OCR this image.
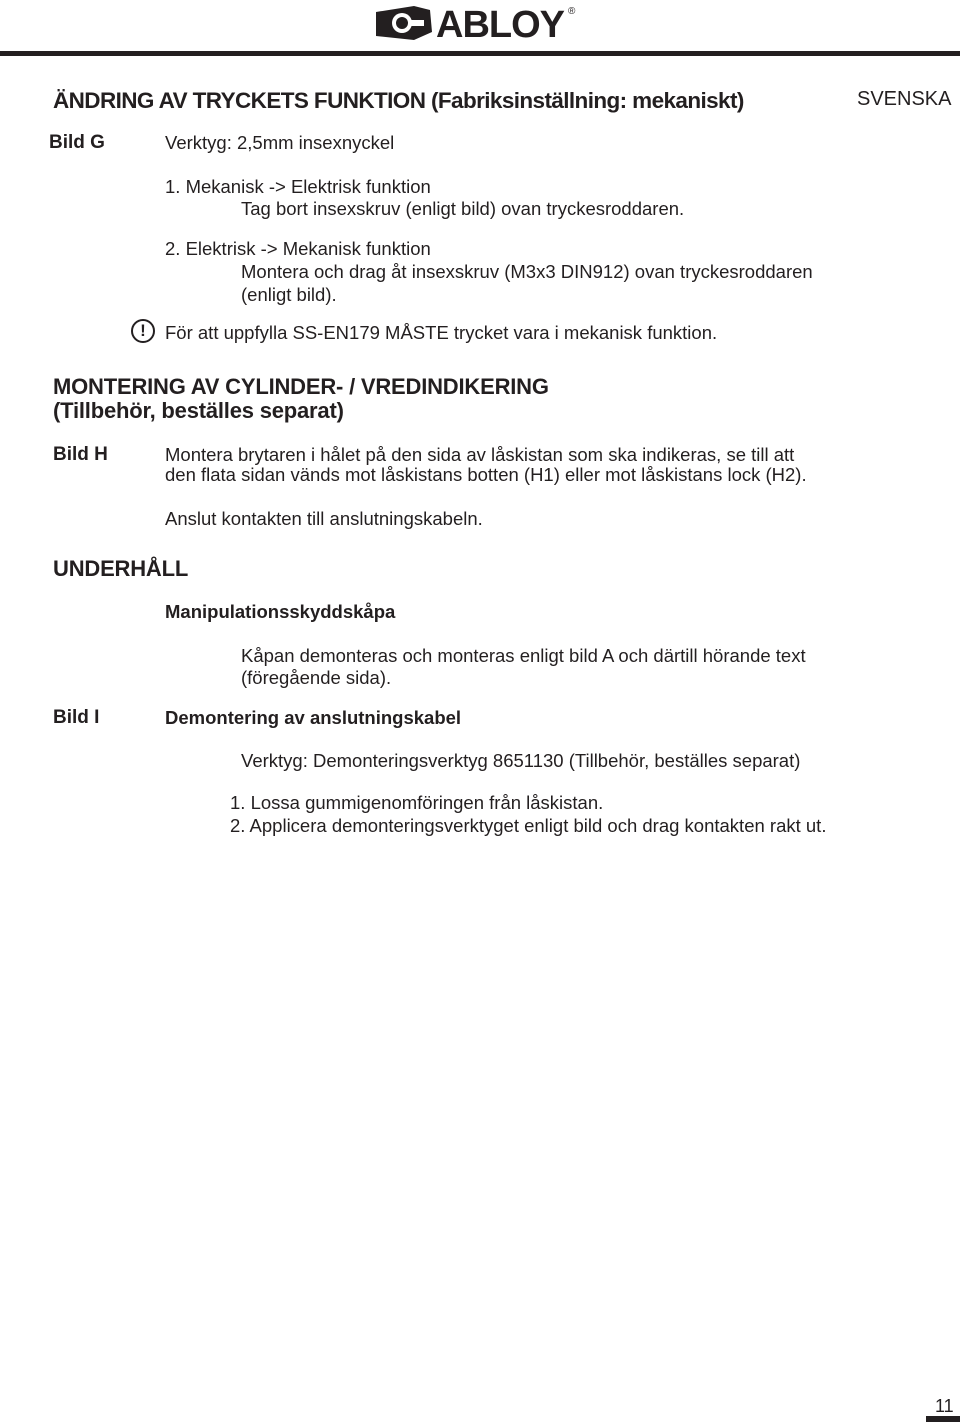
ABLOY ®
ÄNDRING AV TRYCKETS FUNKTION (Fabriksinställning: mekaniskt)	SVENSKA
Bild G	Verktyg: 2,5mm insexnyckel
1. Mekanisk -> Elektrisk funktion
Tag bort insexskruv (enligt bild) ovan tryckesroddaren.
2. Elektrisk -> Mekanisk funktion
Montera och drag åt insexskruv (M3x3 DIN912) ovan tryckesroddaren
(enligt bild).
!	För att uppfylla SS-EN179 MÅSTE trycket vara i mekanisk funktion.
MONTERING AV CYLINDER- / VREDINDIKERING
(Tillbehör, beställes separat)
Bild H	Montera brytaren i hålet på den sida av låskistan som ska indikeras, se till att
den flata sidan vänds mot låskistans botten (H1) eller mot låskistans lock (H2).
Anslut kontakten till anslutningskabeln.
UNDERHÅLL
Manipulationsskyddskåpa
Kåpan demonteras och monteras enligt bild A och därtill hörande text
(föregående sida).
Bild I	Demontering av anslutningskabel
Verktyg: Demonteringsverktyg 8651130 (Tillbehör, beställes separat)
1. Lossa gummigenomföringen från låskistan.
2. Applicera demonteringsverktyget enligt bild och drag kontakten rakt ut.
11
